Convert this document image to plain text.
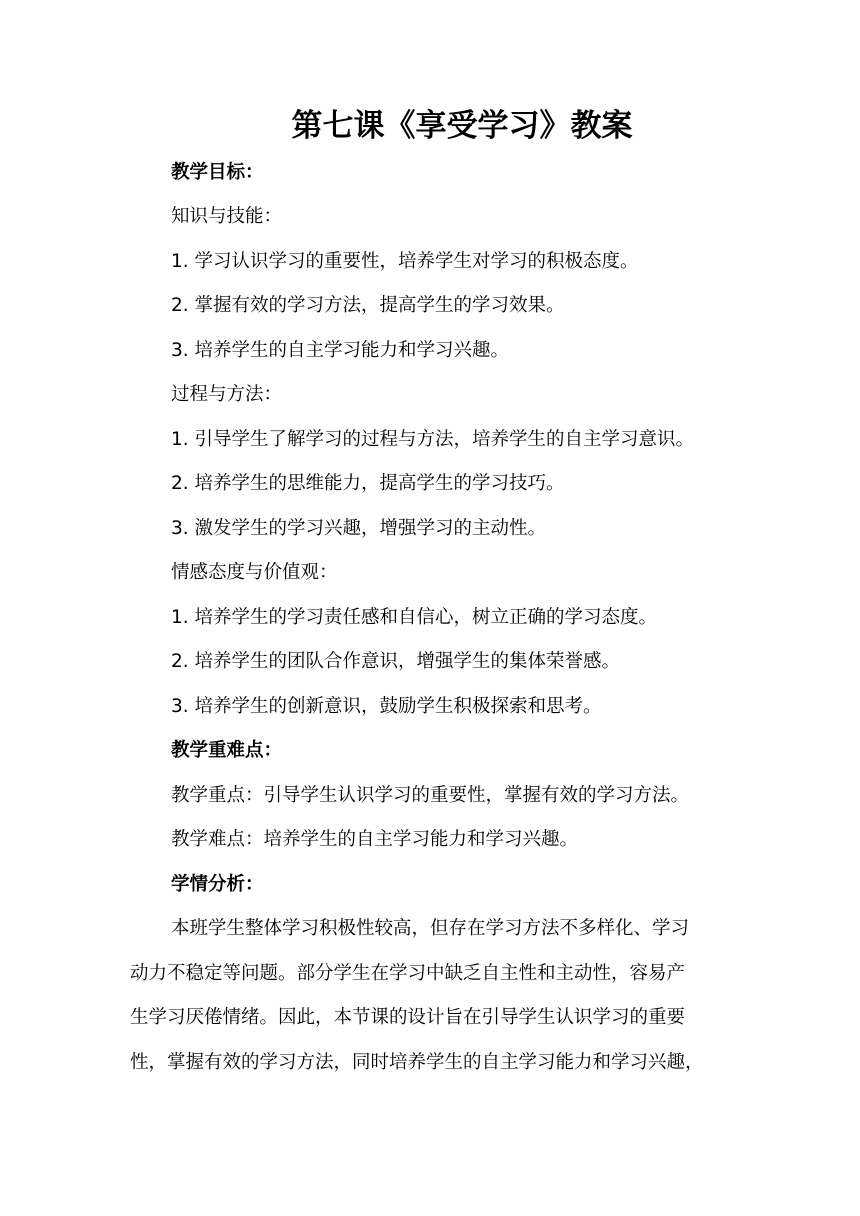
第七课《享受学习》教案
教学目标：
知识与技能：
1. 学习认识学习的重要性，培养学生对学习的积极态度。
2. 掌握有效的学习方法，提高学生的学习效果。
3. 培养学生的自主学习能力和学习兴趣。
过程与方法：
1. 引导学生了解学习的过程与方法，培养学生的自主学习意识。
2. 培养学生的思维能力，提高学生的学习技巧。
3. 激发学生的学习兴趣，增强学习的主动性。
情感态度与价值观：
1. 培养学生的学习责任感和自信心，树立正确的学习态度。
2. 培养学生的团队合作意识，增强学生的集体荣誉感。
3. 培养学生的创新意识，鼓励学生积极探索和思考。
教学重难点：
教学重点：引导学生认识学习的重要性，掌握有效的学习方法。
教学难点：培养学生的自主学习能力和学习兴趣。
学情分析：
本班学生整体学习积极性较高，但存在学习方法不多样化、学习
动力不稳定等问题。部分学生在学习中缺乏自主性和主动性，容易产
生学习厌倦情绪。因此，本节课的设计旨在引导学生认识学习的重要
性，掌握有效的学习方法，同时培养学生的自主学习能力和学习兴趣，
